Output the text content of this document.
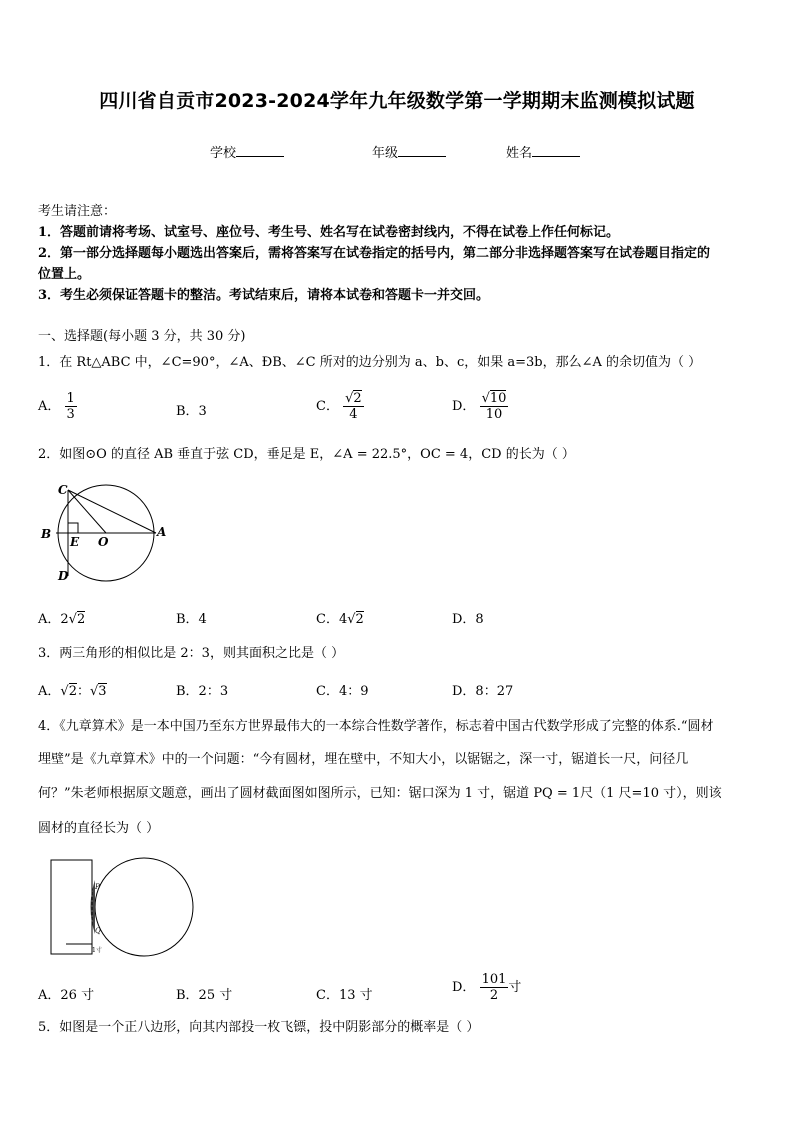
四川省自贡市2023-2024学年九年级数学第一学期期末监测模拟试题
学校	年级	姓名
考生请注意：
1．答题前请将考场、试室号、座位号、考生号、姓名写在试卷密封线内，不得在试卷上作任何标记。
2．第一部分选择题每小题选出答案后，需将答案写在试卷指定的括号内，第二部分非选择题答案写在试卷题目指定的
位置上。
3．考生必须保证答题卡的整洁。考试结束后，请将本试卷和答题卡一并交回。
一、选择题(每小题 3 分，共 30 分)
1．在 Rt△ABC 中，∠C=90°，∠A、ÐB、∠C 所对的边分别为 a、b、c，如果 a=3b，那么∠A 的余切值为（ ）
A． $\frac{1}{3}$	B．3	C． $\frac{√2}{4}$	D． $\frac{√10}{10}$
2．如图⊙O 的直径 AB 垂直于弦 CD，垂足是 E，∠A = 22.5°，OC = 4，CD 的长为（ ）
C
B
E O
A
D
A．2√2	B．4	C．4√2	D．8
3．两三角形的相似比是 2：3，则其面积之比是（ ）
A．√2：√3	B．2：3	C．4：9	D．8：27
4．《九章算术》是一本中国乃至东方世界最伟大的一本综合性数学著作，标志着中国古代数学形成了完整的体系.“圆材
埋壁”是《九章算术》中的一个问题：“今有圆材，埋在壁中，不知大小，以锯锯之，深一寸，锯道长一尺，问径几
何？”朱老师根据原文题意，画出了圆材截面图如图所示，已知：锯口深为 1 寸，锯道 PQ = 1尺（1 尺=10 寸），则该
圆材的直径长为（ ）
P
Q
1寸
A．26 寸	B．25 寸	C．13 寸
D． $\frac{101}{2}$ 寸
5．如图是一个正八边形，向其内部投一枚飞镖，投中阴影部分的概率是（ ）
